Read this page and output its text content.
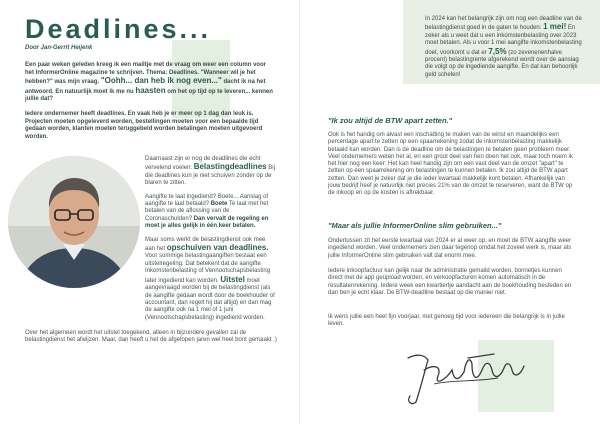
Deadlines...
Door Jan-Gerrit Heijenk
Een paar weken geleden kreeg ik een mailtje met de vraag om weer een column voor het InformerOnline magazine te schrijven. Thema: Deadlines. "Wanneer wil je het hebben?" was mijn vraag. "Oohh... dan heb ik nog even..." dacht ik na het antwoord. En natuurlijk moet ik me nu haasten om het op tijd op te leveren... kennen jullie dat?
Iedere ondernemer heeft deadlines. En vaak heb je er meer op 1 dag dan leuk is. Projecten moeten opgeleverd worden, bestellingen moeten voor een bepaalde tijd gedaan worden, klanten moeten teruggebeld worden betalingen moeten uitgevoerd worden.

Daarnaast zijn er nog de deadlines die echt vervelend voelen: Belastingdeadlines Bij die deadlines kun je niet schuiven zonder op de blaren te zitten.

Aangifte te laat ingediend? Boete... Aanslag of aangifte te laat betaald? Boete Te laat met het betalen van de aflossing van de Coronaschulden? Dan vervalt de regeling en moet je alles gelijk in één keer betalen.

Maar soms werkt de belastingdienst ook mee aan het opschuiven van deadlines. Voor sommige belastingaangiften bestaat een uitstelregeling. Dat betekent dat de aangifte Inkomstenbelasting of Vennootschapsbelasting later ingediend kan worden. Uitstel moet aangevraagd worden bij de belastingdienst (als de aangifte gedaan wordt door de boekhouder of accountant, dan regelt hij dat altijd) en dan mag de aangifte ook na 1 mei of 1 juni (Vennootschapsbelasting) ingediend worden.

Over het algemeen wordt het uitstel toegekend, alleen in bijzondere gevallen zal de belastingdienst het afwijzen. Maar, dan heeft u het de afgelopen jaren wel heel bont gemaakt :)
In 2024 kan het belangrijk zijn om nog een deadline van de belastingdienst goed in de gaten te houden: 1 mei! En zeker als u weet dat u een inkomstenbelasting over 2023 moet betalen. Als u voor 1 mei aangifte inkomstenbelasting doet, voorkomt u dat er 7,5% (zo zevenenenhalve procent) belastingrente afgerekend wordt over de aanslag die volgt op de ingediende aangifte. En dat kan behoorlijk geld schelen!
"Ik zou altijd de BTW apart zetten."
Ook is het handig om alvast een inschatting te maken van de winst en maandelijks een percentage apart te zetten op een spaarrekening zodat de inkomstenbelasting makkelijk betaald kan worden. Dan is de deadline om de belastingen te betalen geen probleem meer. Veel ondernemers weten het al, en een groot deel van hen doen het ook, maar toch noem ik het hier nog een keer: Het kan heel handig zijn om een vast deel van de omzet "apart" te zetten op een spaarrekening om belastingen te kunnen betalen. Ik zou altijd de BTW apart zetten. Dan weet je zeker dat je die ieder kwartaal makkelijk kunt betalen. Afhankelijk van jouw bedrijf heef je natuurlijk niet precies 21% van de omzet te reserveren, want de BTW op de inkoop en op de kosten is aftrekbaar.
"Maar als jullie InformerOnline slim gebruiken..."
Ondertussen zit het eerste kwartaal van 2024 er al weer op, en moet de BTW aangifte weer ingediend worden. Veel ondernemers zien daar tegenop omdat het zoveel werk is, maar als jullie InformerOnline slim gebruiken valt dat enorm mee.
Iedere inkoopfactuur kan gelijk naar de administratie gemaild worden, bonnetjes kunnen direct met de app geüpload worden, en verkoopfacturen komen automatisch in de resultatenrekening. Iedere week een kwartiertje aandacht aan de boekhouding besteden en dan ben je echt klaar. De BTW-deadline bestaat op die manier niet.
Ik wens jullie een heel fijn voorjaar, met genoeg tijd voor iedereen die belangrijk is in jullie leven.
